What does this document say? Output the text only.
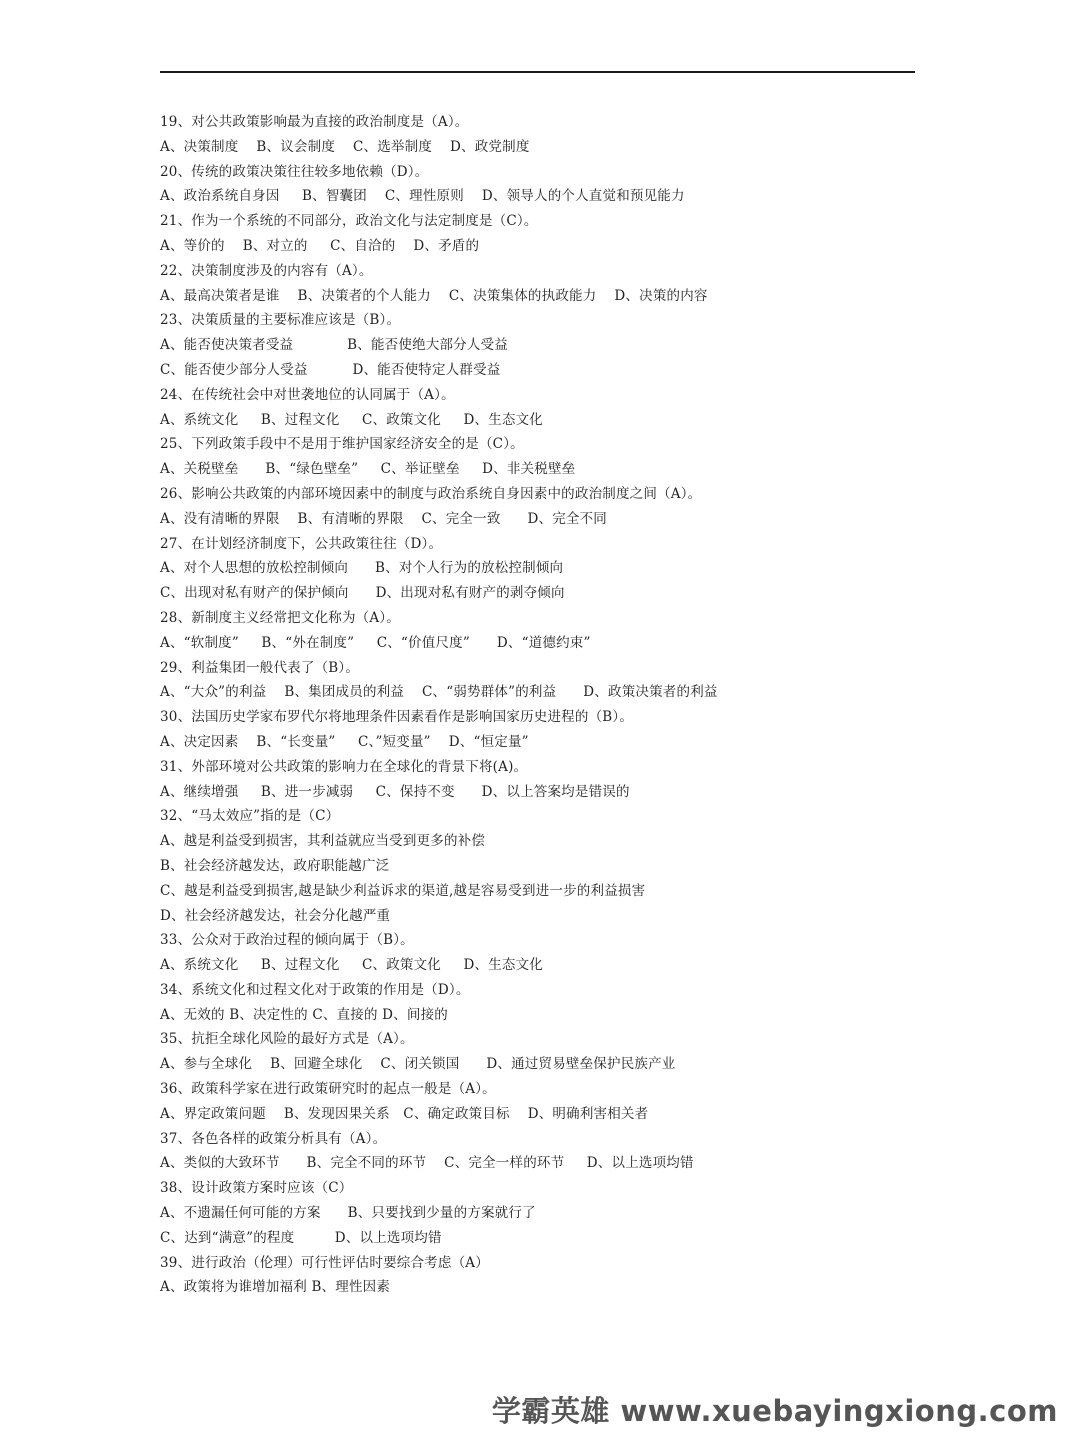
19、对公共政策影响最为直接的政治制度是（A）。
A、决策制度    B、议会制度    C、选举制度    D、政党制度
20、传统的政策决策往往较多地依赖（D）。
A、政治系统自身因     B、智囊团    C、理性原则    D、领导人的个人直觉和预见能力
21、作为一个系统的不同部分，政治文化与法定制度是（C）。
A、等价的    B、对立的     C、自洽的    D、矛盾的
22、决策制度涉及的内容有（A）。
A、最高决策者是谁    B、决策者的个人能力    C、决策集体的执政能力    D、决策的内容
23、决策质量的主要标准应该是（B）。
A、能否使决策者受益            B、能否使绝大部分人受益
C、能否使少部分人受益          D、能否使特定人群受益
24、在传统社会中对世袭地位的认同属于（A）。
A、系统文化     B、过程文化     C、政策文化     D、生态文化
25、下列政策手段中不是用于维护国家经济安全的是（C）。
A、关税壁垒      B、“绿色壁垒”     C、举证壁垒     D、非关税壁垒
26、影响公共政策的内部环境因素中的制度与政治系统自身因素中的政治制度之间（A）。
A、没有清晰的界限    B、有清晰的界限    C、完全一致      D、完全不同
27、在计划经济制度下，公共政策往往（D）。
A、对个人思想的放松控制倾向      B、对个人行为的放松控制倾向
C、出现对私有财产的保护倾向      D、出现对私有财产的剥夺倾向
28、新制度主义经常把文化称为（A）。
A、“软制度”     B、“外在制度”     C、“价值尺度”      D、“道德约束”
29、利益集团一般代表了（B）。
A、“大众”的利益    B、集团成员的利益    C、“弱势群体”的利益      D、政策决策者的利益
30、法国历史学家布罗代尔将地理条件因素看作是影响国家历史进程的（B）。
A、决定因素    B、“长变量”     C、”短变量”    D、“恒定量”
31、外部环境对公共政策的影响力在全球化的背景下将(A)。
A、继续增强     B、进一步减弱     C、保持不变      D、以上答案均是错误的
32、“马太效应”指的是（C）
A、越是利益受到损害，其利益就应当受到更多的补偿
B、社会经济越发达，政府职能越广泛
C、越是利益受到损害,越是缺少利益诉求的渠道,越是容易受到进一步的利益损害
D、社会经济越发达，社会分化越严重
33、公众对于政治过程的倾向属于（B）。
A、系统文化     B、过程文化     C、政策文化     D、生态文化
34、系统文化和过程文化对于政策的作用是（D）。
A、无效的 B、决定性的 C、直接的 D、间接的
35、抗拒全球化风险的最好方式是（A）。
A、参与全球化    B、回避全球化    C、闭关锁国      D、通过贸易壁垒保护民族产业
36、政策科学家在进行政策研究时的起点一般是（A）。
A、界定政策问题    B、发现因果关系   C、确定政策目标    D、明确利害相关者
37、各色各样的政策分析具有（A）。
A、类似的大致环节      B、完全不同的环节    C、完全一样的环节     D、以上选项均错
38、设计政策方案时应该（C）
A、不遗漏任何可能的方案      B、只要找到少量的方案就行了
C、达到“满意”的程度         D、以上选项均错
39、进行政治（伦理）可行性评估时要综合考虑（A）
A、政策将为谁增加福利 B、理性因素
学霸英雄 www.xuebayingxiong.com
